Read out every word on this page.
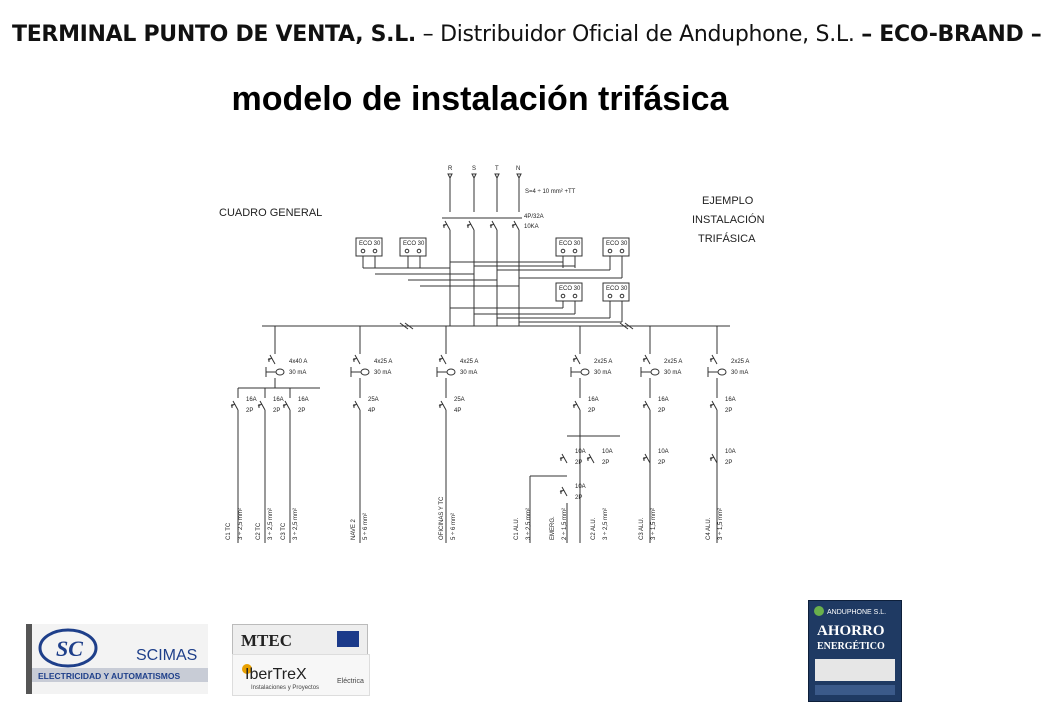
TERMINAL PUNTO DE VENTA, S.L. – Distribuidor Oficial de Anduphone, S.L. – ECO-BRAND –
modelo de instalación trifásica
CUADRO GENERAL
EJEMPLO
INSTALACIÓN
TRIFÁSICA
R	S	T	N
S=4 ÷ 10 mm² +TT
4P/32A
10KA
ECO 30	ECO 30	ECO 30	ECO 30
ECO 30	ECO 30
4x40 A
30 mA
4x25 A
30 mA
4x25 A
30 mA
2x25 A
30 mA
2x25 A
30 mA
2x25 A
30 mA
16A
2P
16A
2P
16A
2P
25A
4P
25A
4P
16A
2P
16A
2P
16A
2P
10A
2P
10A
2P
10A
2P
10A
2P
10A
2P
C1 TC 3 ÷ 2,5 mm² C2 TC 3 ÷ 2,5 mm² C3 TC 3 ÷ 2,5 mm²	NAVE 2 5 ÷ 6 mm²	OFICINAS Y TC 5 ÷ 6 mm²	C1 ALU. 3 ÷ 2,5 mm²	EMERG. 2 ÷ 1,5 mm²	C2 ALU. 3 ÷ 2,5 mm²	C3 ALU. 3 ÷ 1,5 mm²	C4 ALU. 3 ÷ 1,5 mm²
SC	SCIMAS
ELECTRICIDAD Y AUTOMATISMOS
MTEC
IberTreX
Instalaciones y Proyectos
Eléctrica
ANDUPHONE S.L.
AHORRO
ENERGÉTICO
